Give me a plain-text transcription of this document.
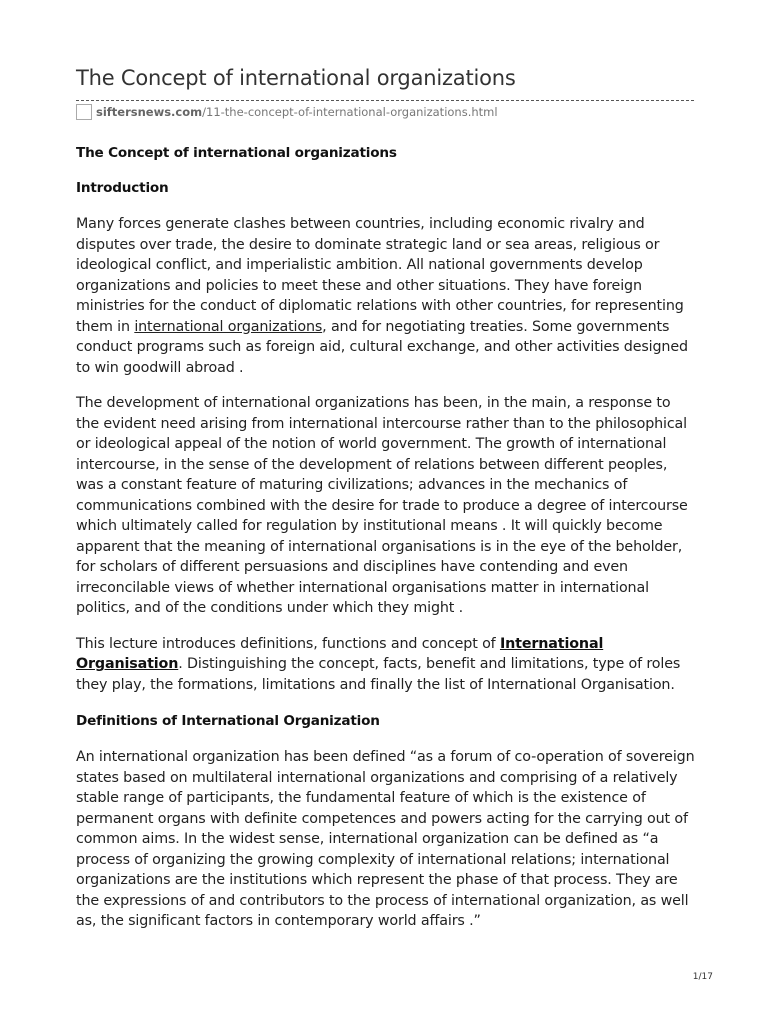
The Concept of international organizations
siftersnews.com /11-the-concept-of-international-organizations.html
The Concept of international organizations
Introduction

Many forces generate clashes between countries, including economic rivalry and disputes over trade, the desire to dominate strategic land or sea areas, religious or ideological conflict, and imperialistic ambition. All national governments develop organizations and policies to meet these and other situations. They have foreign ministries for the conduct of diplomatic relations with other countries, for representing them in international organizations, and for negotiating treaties. Some governments conduct programs such as foreign aid, cultural exchange, and other activities designed to win goodwill abroad .

The development of international organizations has been, in the main, a response to the evident need arising from international intercourse rather than to the philosophical or ideological appeal of the notion of world government. The growth of international intercourse, in the sense of the development of relations between different peoples, was a constant feature of maturing civilizations; advances in the mechanics of communications combined with the desire for trade to produce a degree of intercourse which ultimately called for regulation by institutional means . It will quickly become apparent that the meaning of international organisations is in the eye of the beholder, for scholars of different persuasions and disciplines have contending and even irreconcilable views of whether international organisations matter in international politics, and of the conditions under which they might .

This lecture introduces definitions, functions and concept of International Organisation. Distinguishing the concept, facts, benefit and limitations, type of roles they play, the formations, limitations and finally the list of International Organisation.

Definitions of International Organization

An international organization has been defined “as a forum of co-operation of sovereign states based on multilateral international organizations and comprising of a relatively stable range of participants, the fundamental feature of which is the existence of permanent organs with definite competences and powers acting for the carrying out of common aims. In the widest sense, international organization can be defined as “a process of organizing the growing complexity of international relations; international organizations are the institutions which represent the phase of that process. They are the expressions of and contributors to the process of international organization, as well as, the significant factors in contemporary world affairs .”

1/17
